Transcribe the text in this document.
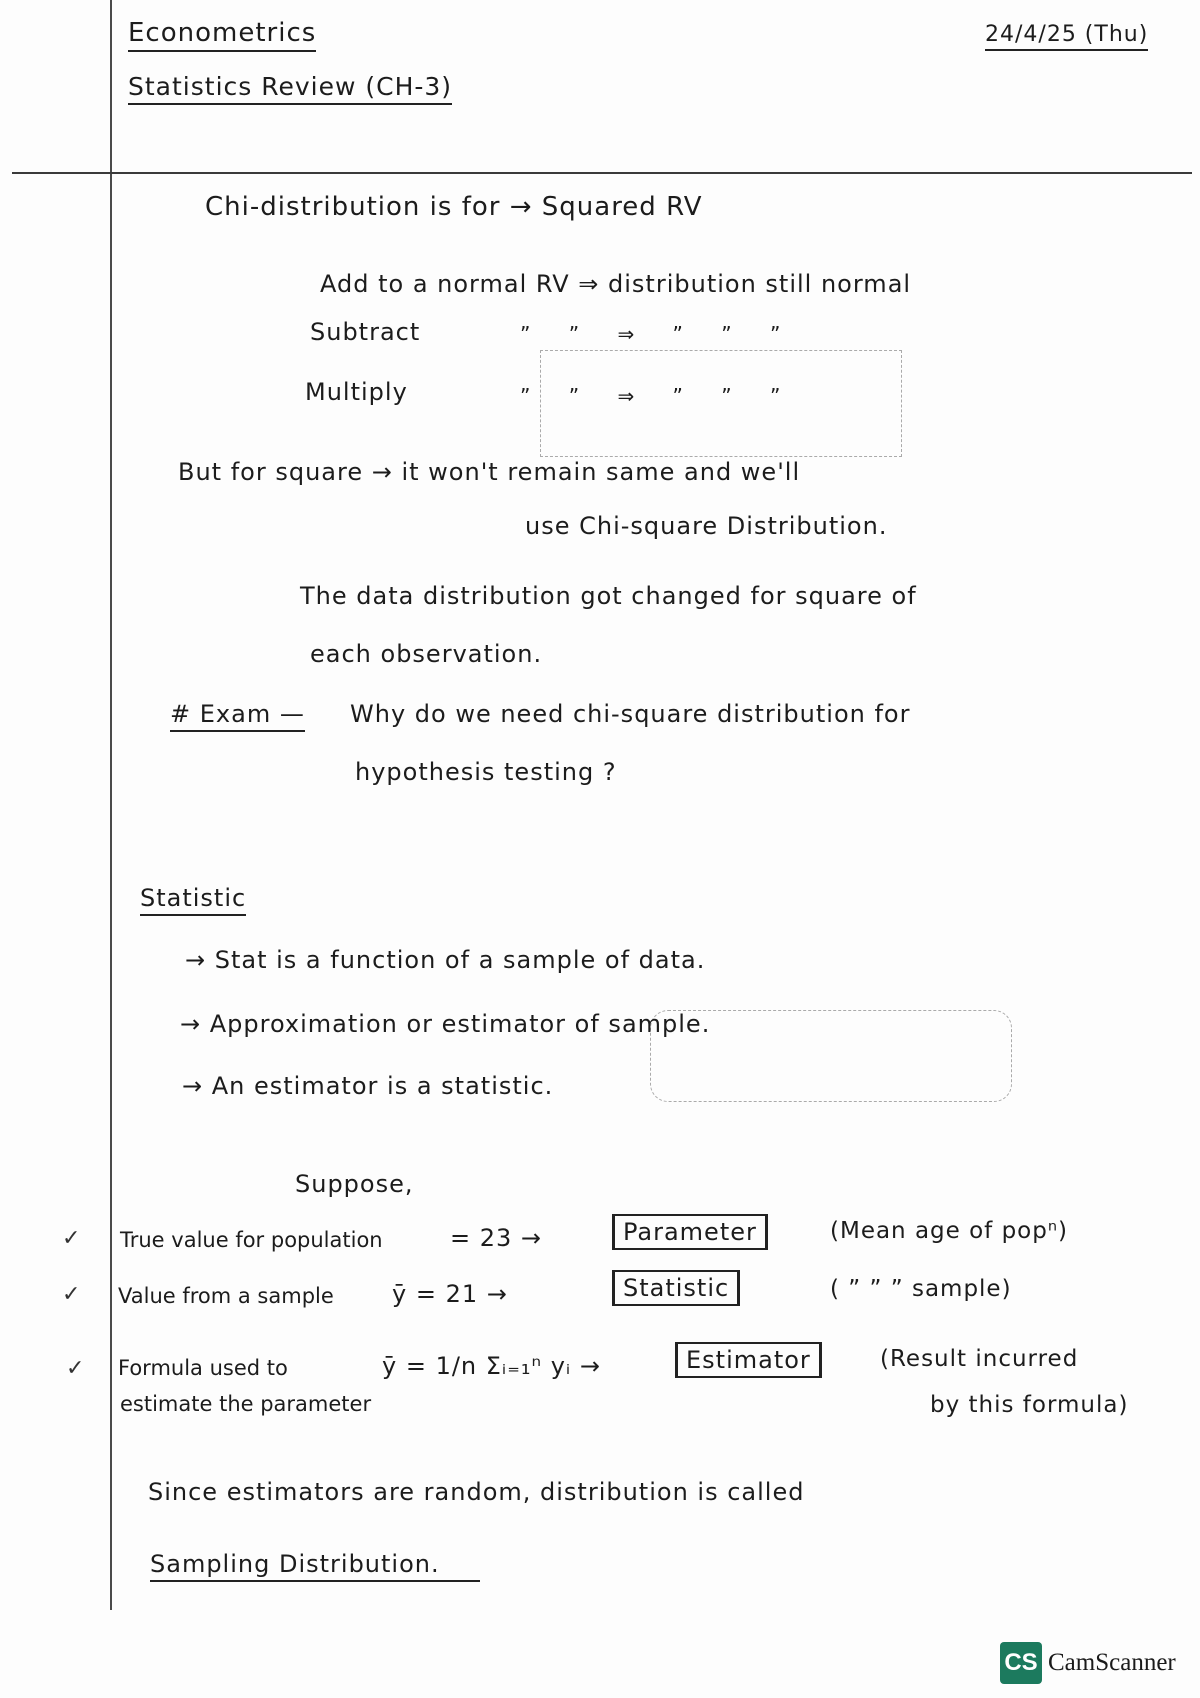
Econometrics
Statistics Review (CH-3)
24/4/25 (Thu)
Chi-distribution is for → Squared RV
Add to a normal RV ⇒ distribution still normal
Subtract	” ” ⇒ ” ” ”
Multiply	” ” ⇒ ” ” ”
But for square → it won't remain same and we'll
use Chi-square Distribution.
The data distribution got changed for square of
each observation.
# Exam — Why do we need chi-square distribution for
hypothesis testing ?
Statistic
→ Stat is a function of a sample of data.
→ Approximation or estimator of sample.
→ An estimator is a statistic.
Suppose,
✓ True value for population	= 23 →	Parameter	(Mean age of popⁿ)
✓ Value from a sample ȳ = 21 →	Statistic	( ” ” ” sample)
✓ Formula used to
estimate the parameter
ȳ = 1/n Σᵢ₌₁ⁿ yᵢ →	Estimator	(Result incurred
by this formula)
Since estimators are random, distribution is called
Sampling Distribution.
CS CamScanner
